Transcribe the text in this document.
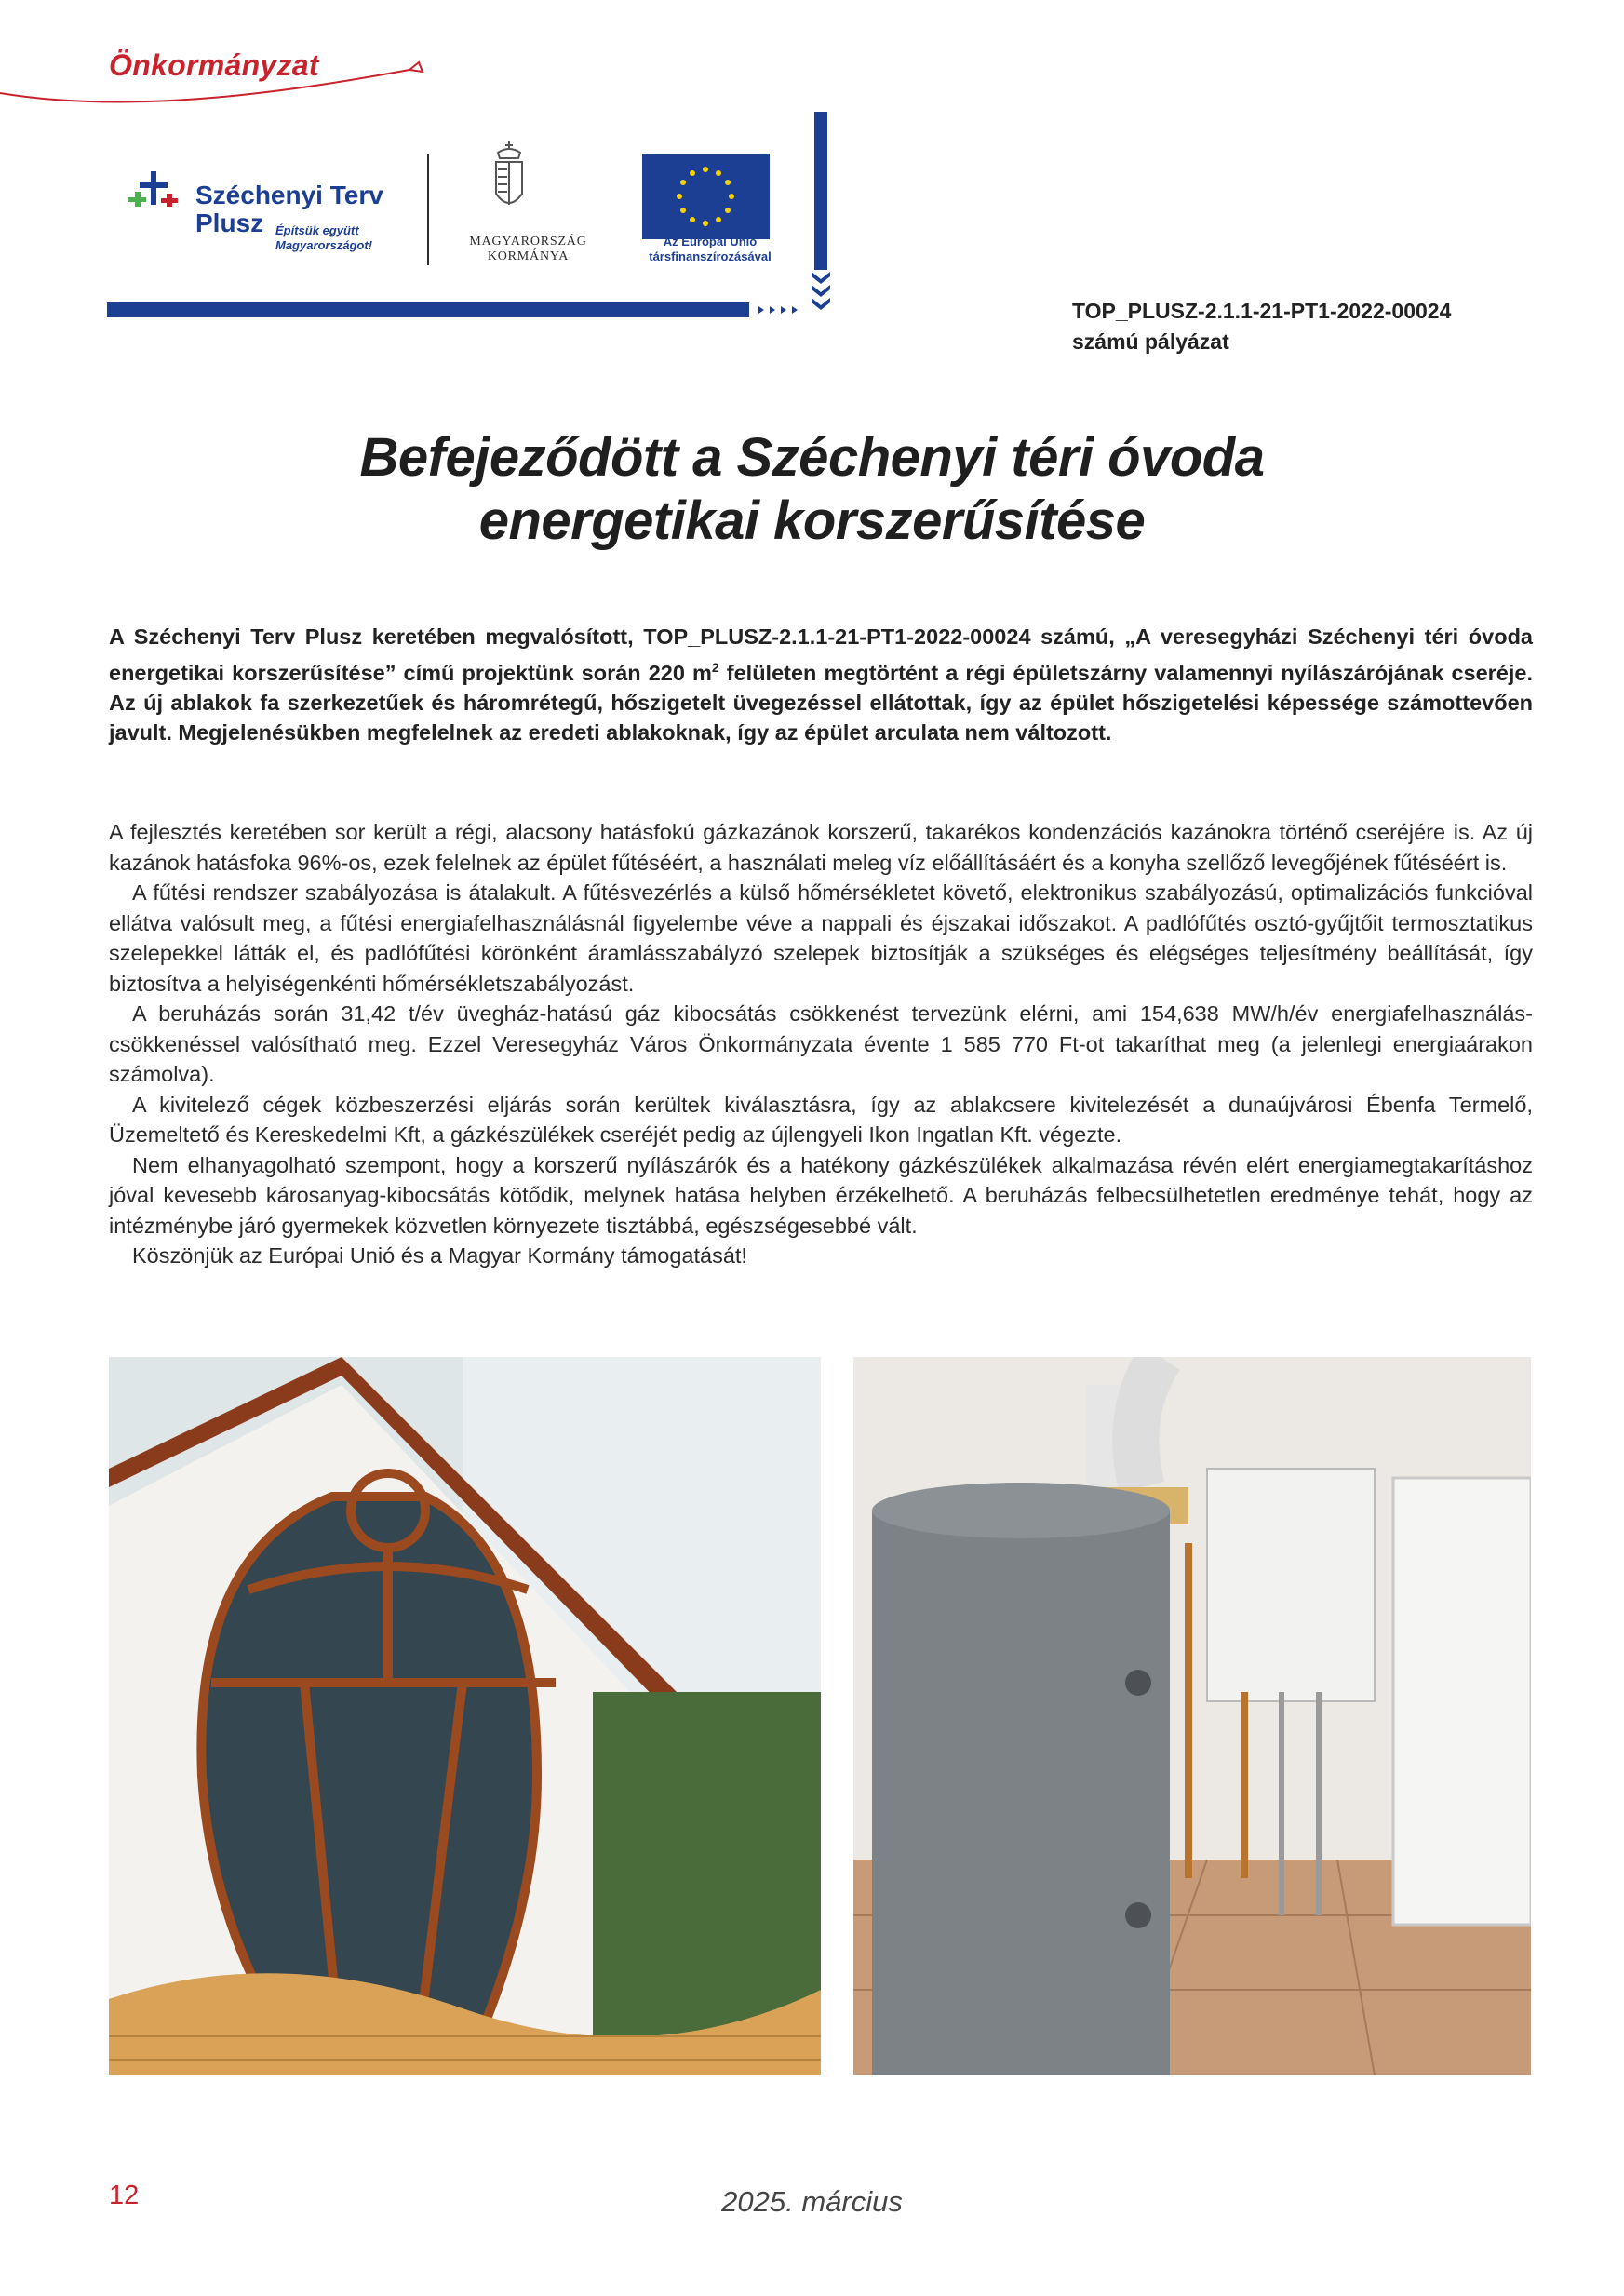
Önkormányzat
Széchenyi Terv
Plusz Építsük együtt
Magyarországot!	MAGYARORSZÁG
KORMÁNYA
Az Európai Unió
társfinanszírozásával
TOP_PLUSZ-2.1.1-21-PT1-2022-00024
számú pályázat
Befejeződött a Széchenyi téri óvoda
energetikai korszerűsítése
A Széchenyi Terv Plusz keretében megvalósított, TOP_PLUSZ-2.1.1-21-PT1-2022-00024 számú, „A veresegyházi Széchenyi téri óvoda energetikai korszerűsítése” című projektünk során 220 $m^2$ felületen megtörtént a régi épületszárny valamennyi nyílászárójának cseréje. Az új ablakok fa szerkezetűek és háromrétegű, hőszigetelt üvegezéssel ellátottak, így az épület hőszigetelési képessége számottevően javult. Megjelenésükben megfelelnek az eredeti ablakoknak, így az épület arculata nem változott.

A fejlesztés keretében sor került a régi, alacsony hatásfokú gázkazánok korszerű, takarékos kondenzációs kazánokra történő cseréjére is. Az új kazánok hatásfoka 96%-os, ezek felelnek az épület fűtéséért, a használati meleg víz előállításáért és a konyha szellőző levegőjének fűtéséért is.

A fűtési rendszer szabályozása is átalakult. A fűtésvezérlés a külső hőmérsékletet követő, elektronikus szabályozású, optimalizációs funkcióval ellátva valósult meg, a fűtési energiafelhasználásnál figyelembe véve a nappali és éjszakai időszakot. A padlófűtés osztó-gyűjtőit termosztatikus szelepekkel látták el, és padlófűtési körönként áramlásszabályzó szelepek biztosítják a szükséges és elégséges teljesítmény beállítását, így biztosítva a helyiségenkénti hőmérsékletszabályozást.

A beruházás során 31,42 t/év üvegház-hatású gáz kibocsátás csökkenést tervezünk elérni, ami 154,638 MW/h/év energiafelhasználás-csökkenéssel valósítható meg. Ezzel Veresegyház Város Önkormányzata évente 1 585 770 Ft-ot takaríthat meg (a jelenlegi energiaárakon számolva).

A kivitelező cégek közbeszerzési eljárás során kerültek kiválasztásra, így az ablakcsere kivitelezését a dunaújvárosi Ébenfa Termelő, Üzemeltető és Kereskedelmi Kft, a gázkészülékek cseréjét pedig az újlengyeli Ikon Ingatlan Kft. végezte.

Nem elhanyagolható szempont, hogy a korszerű nyílászárók és a hatékony gázkészülékek alkalmazása révén elért energiamegtakarításhoz jóval kevesebb károsanyag-kibocsátás kötődik, melynek hatása helyben érzékelhető. A beruházás felbecsülhetetlen eredménye tehát, hogy az intézménybe járó gyermekek közvetlen környezete tisztábbá, egészségesebbé vált.

Köszönjük az Európai Unió és a Magyar Kormány támogatását!

12	2025. március
